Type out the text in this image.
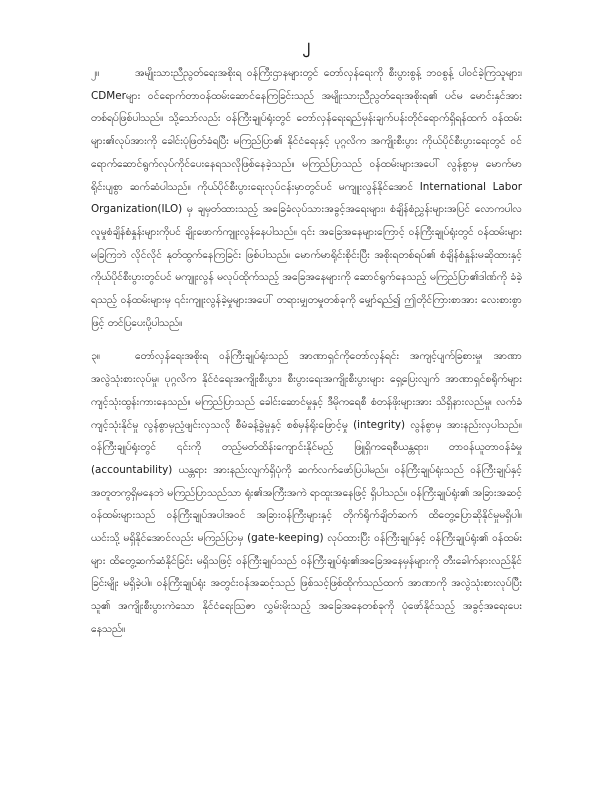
၂

၂။	အမျိုးသားညီညွတ်ရေးအစိုးရ ဝန်ကြီးဌာနများတွင် တော်လှန်ရေးကို စီးပွားစွန့် ဘဝစွန့် ပါဝင်ခဲ့ကြသူများ၊ CDMerများ ဝင်ရောက်တာဝန်ထမ်းဆောင်နေကြခြင်းသည် အမျိုးသားညီညွတ်ရေးအစိုးရ၏ ပင်မ မောင်းနှင်အား တစ်ရပ်ဖြစ်ပါသည်။ သို့သော်လည်း ဝန်ကြီးချုပ်ရုံးတွင် တော်လှန်ရေးရည်မှန်းချက်ပန်းတိုင်ရောက်ရှိရန်ထက် ဝန်ထမ်းများ၏လုပ်အားကို ခေါင်းပုံဖြတ်ခံရပြီး မကြည်ပြာ၏ နိုင်ငံရေးနှင့် ပုဂ္ဂလိက အကျိုးစီးပွား ကိုယ်ပိုင်စီးပွားရေးတွင် ဝင်ရောက်ဆောင်ရွက်လုပ်ကိုင်ပေးနေရသလိုဖြစ်နေခဲ့သည်။ မကြည်ပြာသည် ဝန်ထမ်းများအပေါ် လွန်စွာမှ မောက်မာရိုင်းပျစွာ ဆက်ဆံပါသည်။ ကိုယ်ပိုင်စီးပွားရေးလုပ်ငန်းမှာတွင်ပင် မကျူးလွန်နိုင်အောင် International Labor Organization(ILO) မှ ချမှတ်ထားသည့် အခြေခံလုပ်သားအခွင့်အရေးများ၊ စံချိန်စံညွှန်းများအပြင် လောကပါလ လူမှုစံချိန်စံနှုန်းများကိုပင် ချိုးဖောက်ကျူးလွန်နေပါသည်။ ၎င်း အခြေအနေများကြောင့် ဝန်ကြီးချုပ်ရုံးတွင် ဝန်ထမ်းများမခြကြဘဲ လိုင်လိုင် နုတ်ထွက်နေကြခြင်း ဖြစ်ပါသည်။ မောက်မာရိုင်းစိုင်းပြီး အစိုးရတစ်ရပ်၏ စံချိန်စံနှုန်းမဆိုထားနှင့် ကိုယ်ပိုင်စီးပွားတွင်ပင် မကျူးလွန် မလုပ်ထိုက်သည့် အခြေအနေများကို ဆောင်ရွက်နေသည့် မကြည်ပြာ၏ဒါဏ်ကို ခံခဲ့ရသည့် ဝန်ထမ်းများမှ ၎င်းကျူးလွန်ခဲ့မှုများအပေါ် တရားမျှတမှုတစ်ခုကို မျှော်ရည်၍ ဤတိုင်ကြားစာအား လေးစားစွာဖြင့် တင်ပြပေးပို့ပါသည်။

၃။	တော်လှန်ရေးအစိုးရ ဝန်ကြီးချုပ်ရုံးသည် အာဏာရှင်ကိုတော်လှန်ရင်း အကျင့်ပျက်ခြစားမှု၊ အာဏာအလွဲသုံးစားလုပ်မှု၊ ပုဂ္ဂလိက နိုင်ငံရေးအကျိုးစီးပွား၊ စီးပွားရေးအကျိုးစီးပွားများ ရှေ့ပြေးလျက် အာဏာရှင်စရိုက်များ ကျင့်သုံးထွန်းကားနေသည်။ မကြည်ပြာသည် ခေါင်းဆောင်မှုနှင့် ဒီမိုကရေစီ စံတန်ဖိုးများအား သိရှိနားလည်မှု၊ လက်ခံကျင့်သုံးနိုင်မှု လွန်စွာမှညံ့ဖျင်းလှသလို စီမံခန့်ခွဲမှုနှင့် စစ်မှန်ရိုးဖြောင့်မှု (integrity) လွန်စွာမှ အားနည်းလှပါသည်။ ဝန်ကြီးချုပ်ရုံးတွင် ၎င်းကို တည့်မတ်ထိန်းကျောင်းနိုင်မည့် ဖြူရှိကရေစီယန္တရား၊ တာဝန်ယူတာဝန်ခံမှု (accountability) ယန္တရား အားနည်းလျက်ရှိပုံကို ဆက်လက်ဖော်ပြပါမည်။ ဝန်ကြီးချုပ်ရုံးသည် ဝန်ကြီးချုပ်နှင့်အတူတကွရှိမနေဘဲ မကြည်ပြာသည်သာ ရုံး၏အကြီးအကဲ ရာထူးအနေဖြင့် ရှိပါသည်။ ဝန်ကြီးချုပ်ရုံး၏ အခြားအဆင့်ဝန်ထမ်းများသည် ဝန်ကြီးချုပ်အပါအဝင် အခြားဝန်ကြီးများနှင့် တိုက်ရိုက်ချိတ်ဆက် ထိတွေ့ပြောဆိုနိုင်မှုမရှိပါ။ ယင်းသို့ မရှိနိုင်အောင်လည်း မကြည်ပြာမှ (gate-keeping) လုပ်ထားပြီး ဝန်ကြီးချုပ်နှင့် ဝန်ကြီးချုပ်ရုံး၏ ဝန်ထမ်းများ ထိတွေ့ဆက်ဆံနိုင်ခြင်း မရှိသဖြင့် ဝန်ကြီးချုပ်သည် ဝန်ကြီးချုပ်ရုံး၏အခြေအနေမှန်များကို တီးခေါက်နားလည်နိုင်ခြင်းမျိုး မရှိခဲ့ပါ။ ဝန်ကြီးချုပ်ရုံး အတွင်းဝန်အဆင့်သည် ဖြစ်သင့်ဖြစ်ထိုက်သည်ထက် အာဏာကို အလွဲသုံးစားလုပ်ပြီး သူ၏ အကျိုးစီးပွားကဲသော နိုင်ငံရေးသြဇာ လွှမ်းမိုးသည့် အခြေအနေတစ်ခုကို ပုံဖော်နိုင်သည့် အခွင့်အရေးပေးနေသည်။
